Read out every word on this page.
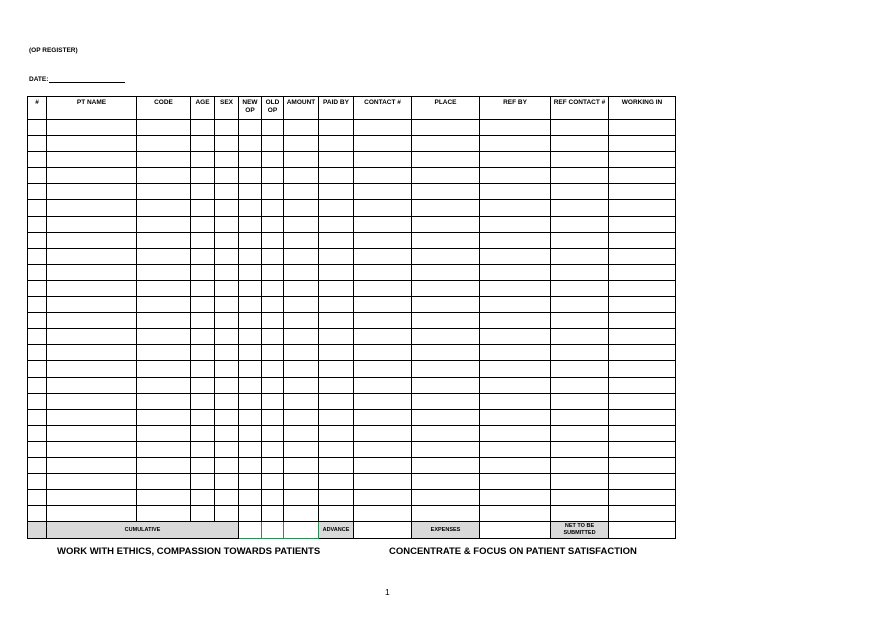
(OP REGISTER)
DATE:
#	PT NAME	CODE	AGE	SEX	NEW OP	OLD OP	AMOUNT	PAID BY	CONTACT #	PLACE	REF BY	REF CONTACT #	WORKING IN

	CUMULATIVE							ADVANCE		EXPENSES		NET TO BE SUBMITTED	
WORK WITH ETHICS, COMPASSION TOWARDS PATIENTS	CONCENTRATE & FOCUS ON PATIENT SATISFACTION
1
